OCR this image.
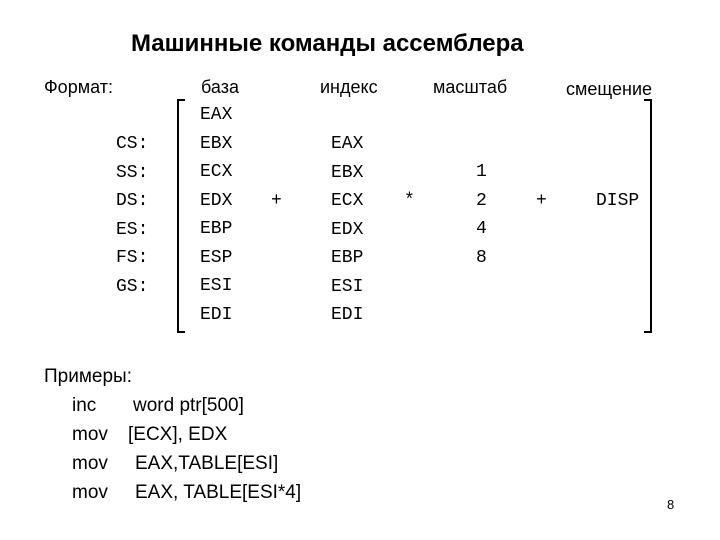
Машинные команды ассемблера
Формат:	база	индекс	масштаб	смещение
CS:
SS:
DS:
ES:
FS:
GS:
EAX
EBX
ECX
EDX
EBP
ESP
ESI
EDI
+
EAX
EBX
ECX
EDX
EBP
ESI
EDI
*
1
2
4
8
+	DISP
Примеры:
inc word ptr[500]
mov [ECX], EDX
mov EAX,TABLE[ESI]
mov EAX, TABLE[ESI*4]
8
